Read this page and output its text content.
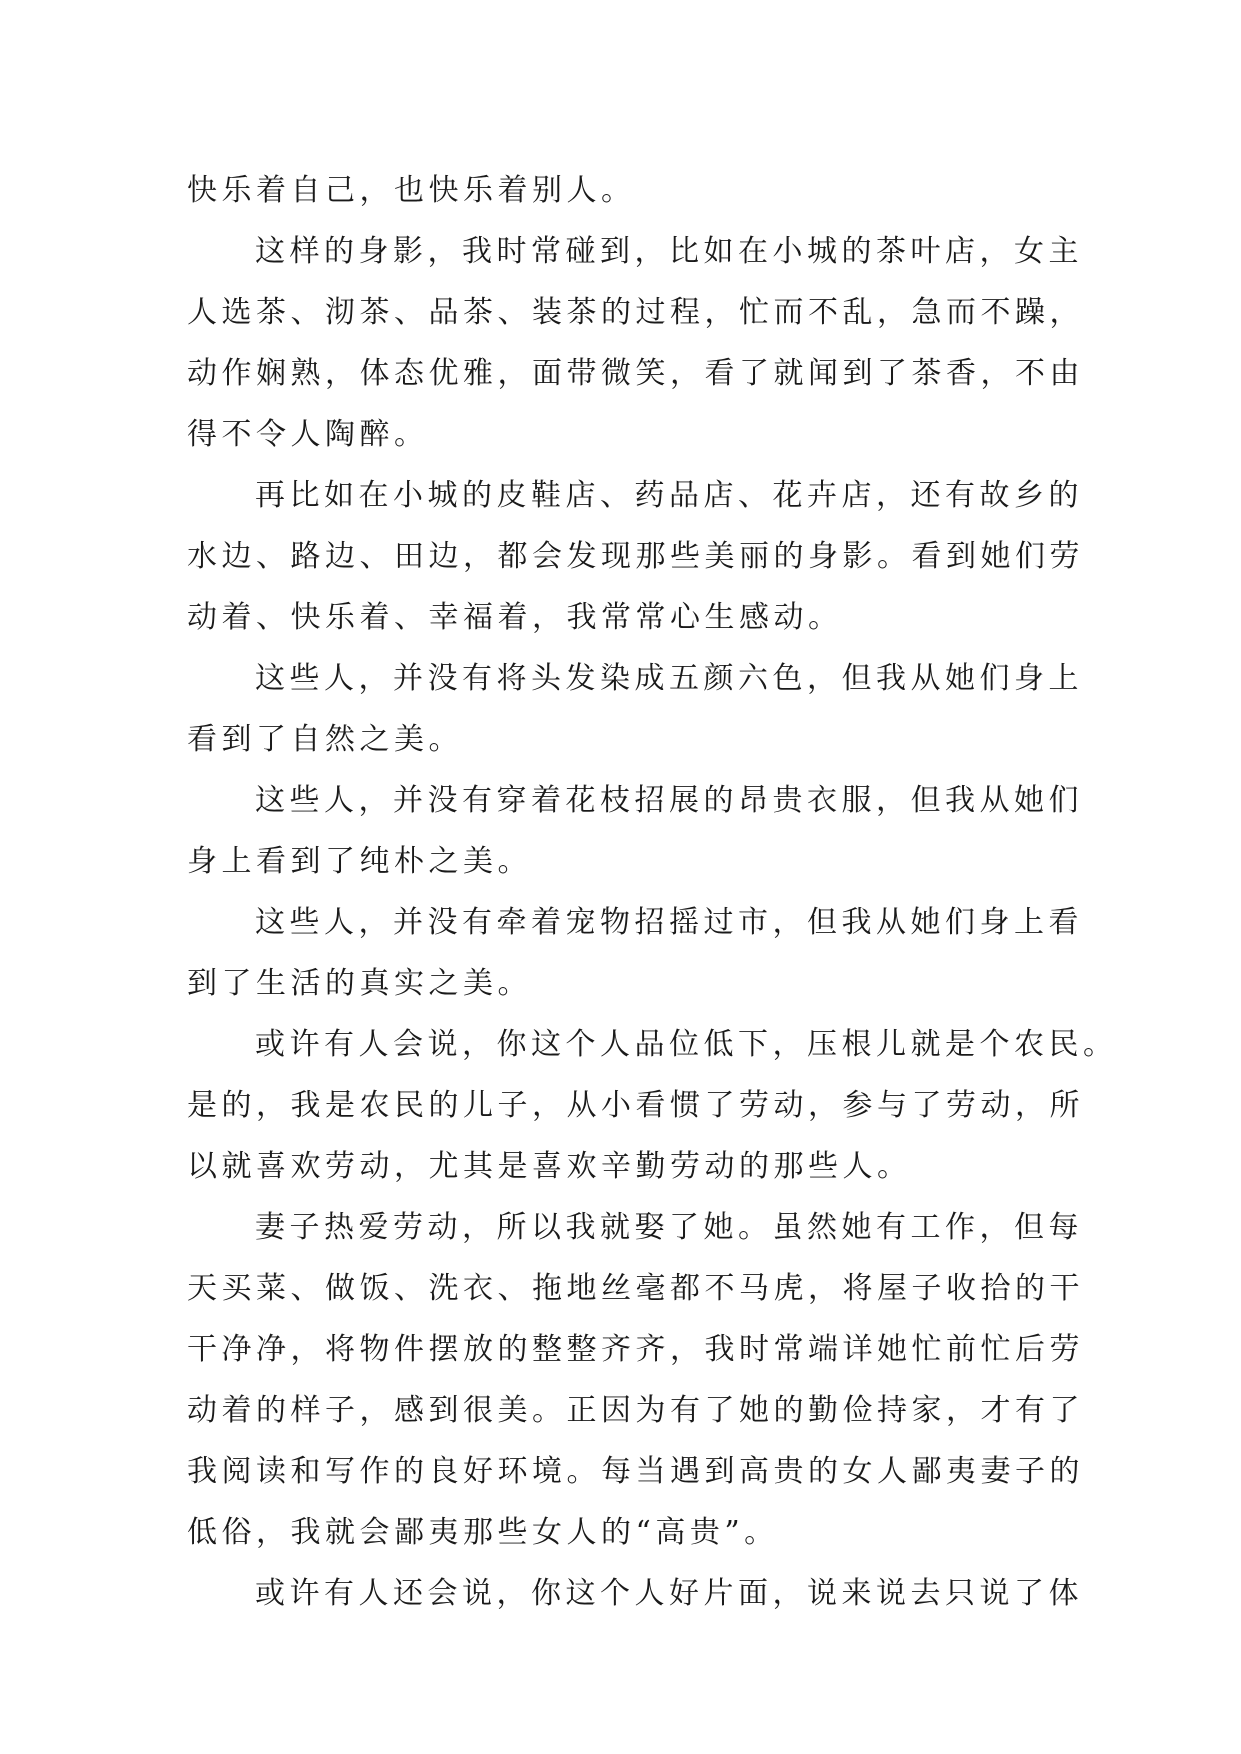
快乐着自己，也快乐着别人。
这样的身影，我时常碰到，比如在小城的茶叶店，女主
人选茶、沏茶、品茶、装茶的过程，忙而不乱，急而不躁，
动作娴熟，体态优雅，面带微笑，看了就闻到了茶香，不由
得不令人陶醉。
再比如在小城的皮鞋店、药品店、花卉店，还有故乡的
水边、路边、田边，都会发现那些美丽的身影。看到她们劳
动着、快乐着、幸福着，我常常心生感动。
这些人，并没有将头发染成五颜六色，但我从她们身上
看到了自然之美。
这些人，并没有穿着花枝招展的昂贵衣服，但我从她们
身上看到了纯朴之美。
这些人，并没有牵着宠物招摇过市，但我从她们身上看
到了生活的真实之美。
或许有人会说，你这个人品位低下，压根儿就是个农民。
是的，我是农民的儿子，从小看惯了劳动，参与了劳动，所
以就喜欢劳动，尤其是喜欢辛勤劳动的那些人。
妻子热爱劳动，所以我就娶了她。虽然她有工作，但每
天买菜、做饭、洗衣、拖地丝毫都不马虎，将屋子收拾的干
干净净，将物件摆放的整整齐齐，我时常端详她忙前忙后劳
动着的样子，感到很美。正因为有了她的勤俭持家，才有了
我阅读和写作的良好环境。每当遇到高贵的女人鄙夷妻子的
低俗，我就会鄙夷那些女人的“高贵”。
或许有人还会说，你这个人好片面，说来说去只说了体
